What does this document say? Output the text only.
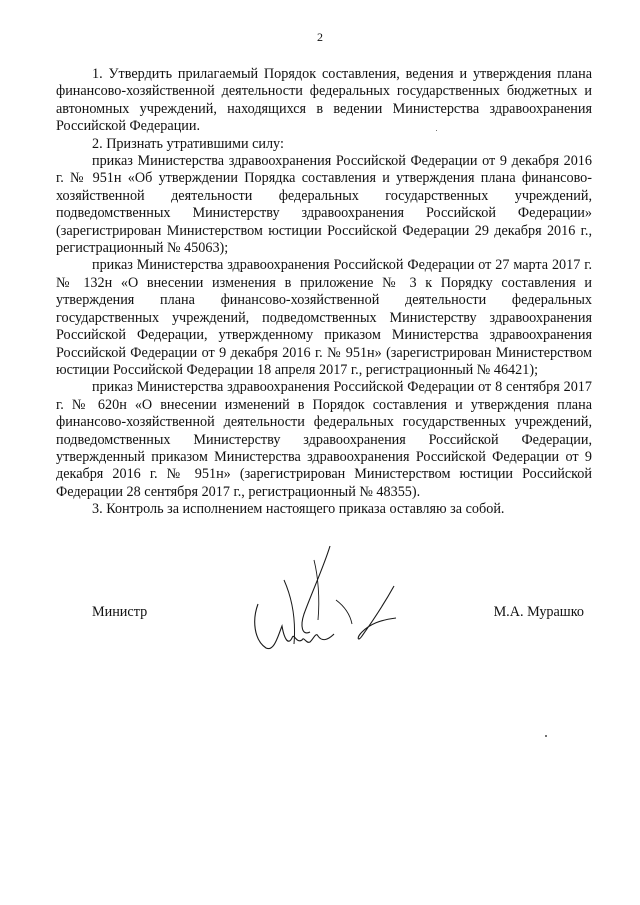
2

1. Утвердить прилагаемый Порядок составления, ведения и утверждения плана финансово-хозяйственной деятельности федеральных государственных бюджетных и автономных учреждений, находящихся в ведении Министерства здравоохранения Российской Федерации.

2. Признать утратившими силу:

приказ Министерства здравоохранения Российской Федерации от 9 декабря 2016 г. № 951н «Об утверждении Порядка составления и утверждения плана финансово-хозяйственной деятельности федеральных государственных учреждений, подведомственных Министерству здравоохранения Российской Федерации» (зарегистрирован Министерством юстиции Российской Федерации 29 декабря 2016 г., регистрационный № 45063);

приказ Министерства здравоохранения Российской Федерации от 27 марта 2017 г. № 132н «О внесении изменения в приложение № 3 к Порядку составления и утверждения плана финансово-хозяйственной деятельности федеральных государственных учреждений, подведомственных Министерству здравоохранения Российской Федерации, утвержденному приказом Министерства здравоохранения Российской Федерации от 9 декабря 2016 г. № 951н» (зарегистрирован Министерством юстиции Российской Федерации 18 апреля 2017 г., регистрационный № 46421);

приказ Министерства здравоохранения Российской Федерации от 8 сентября 2017 г. № 620н «О внесении изменений в Порядок составления и утверждения плана финансово-хозяйственной деятельности федеральных государственных учреждений, подведомственных Министерству здравоохранения Российской Федерации, утвержденный приказом Министерства здравоохранения Российской Федерации от 9 декабря 2016 г. № 951н» (зарегистрирован Министерством юстиции Российской Федерации 28 сентября 2017 г., регистрационный № 48355).

3. Контроль за исполнением настоящего приказа оставляю за собой.

Министр	М.А. Мурашко
